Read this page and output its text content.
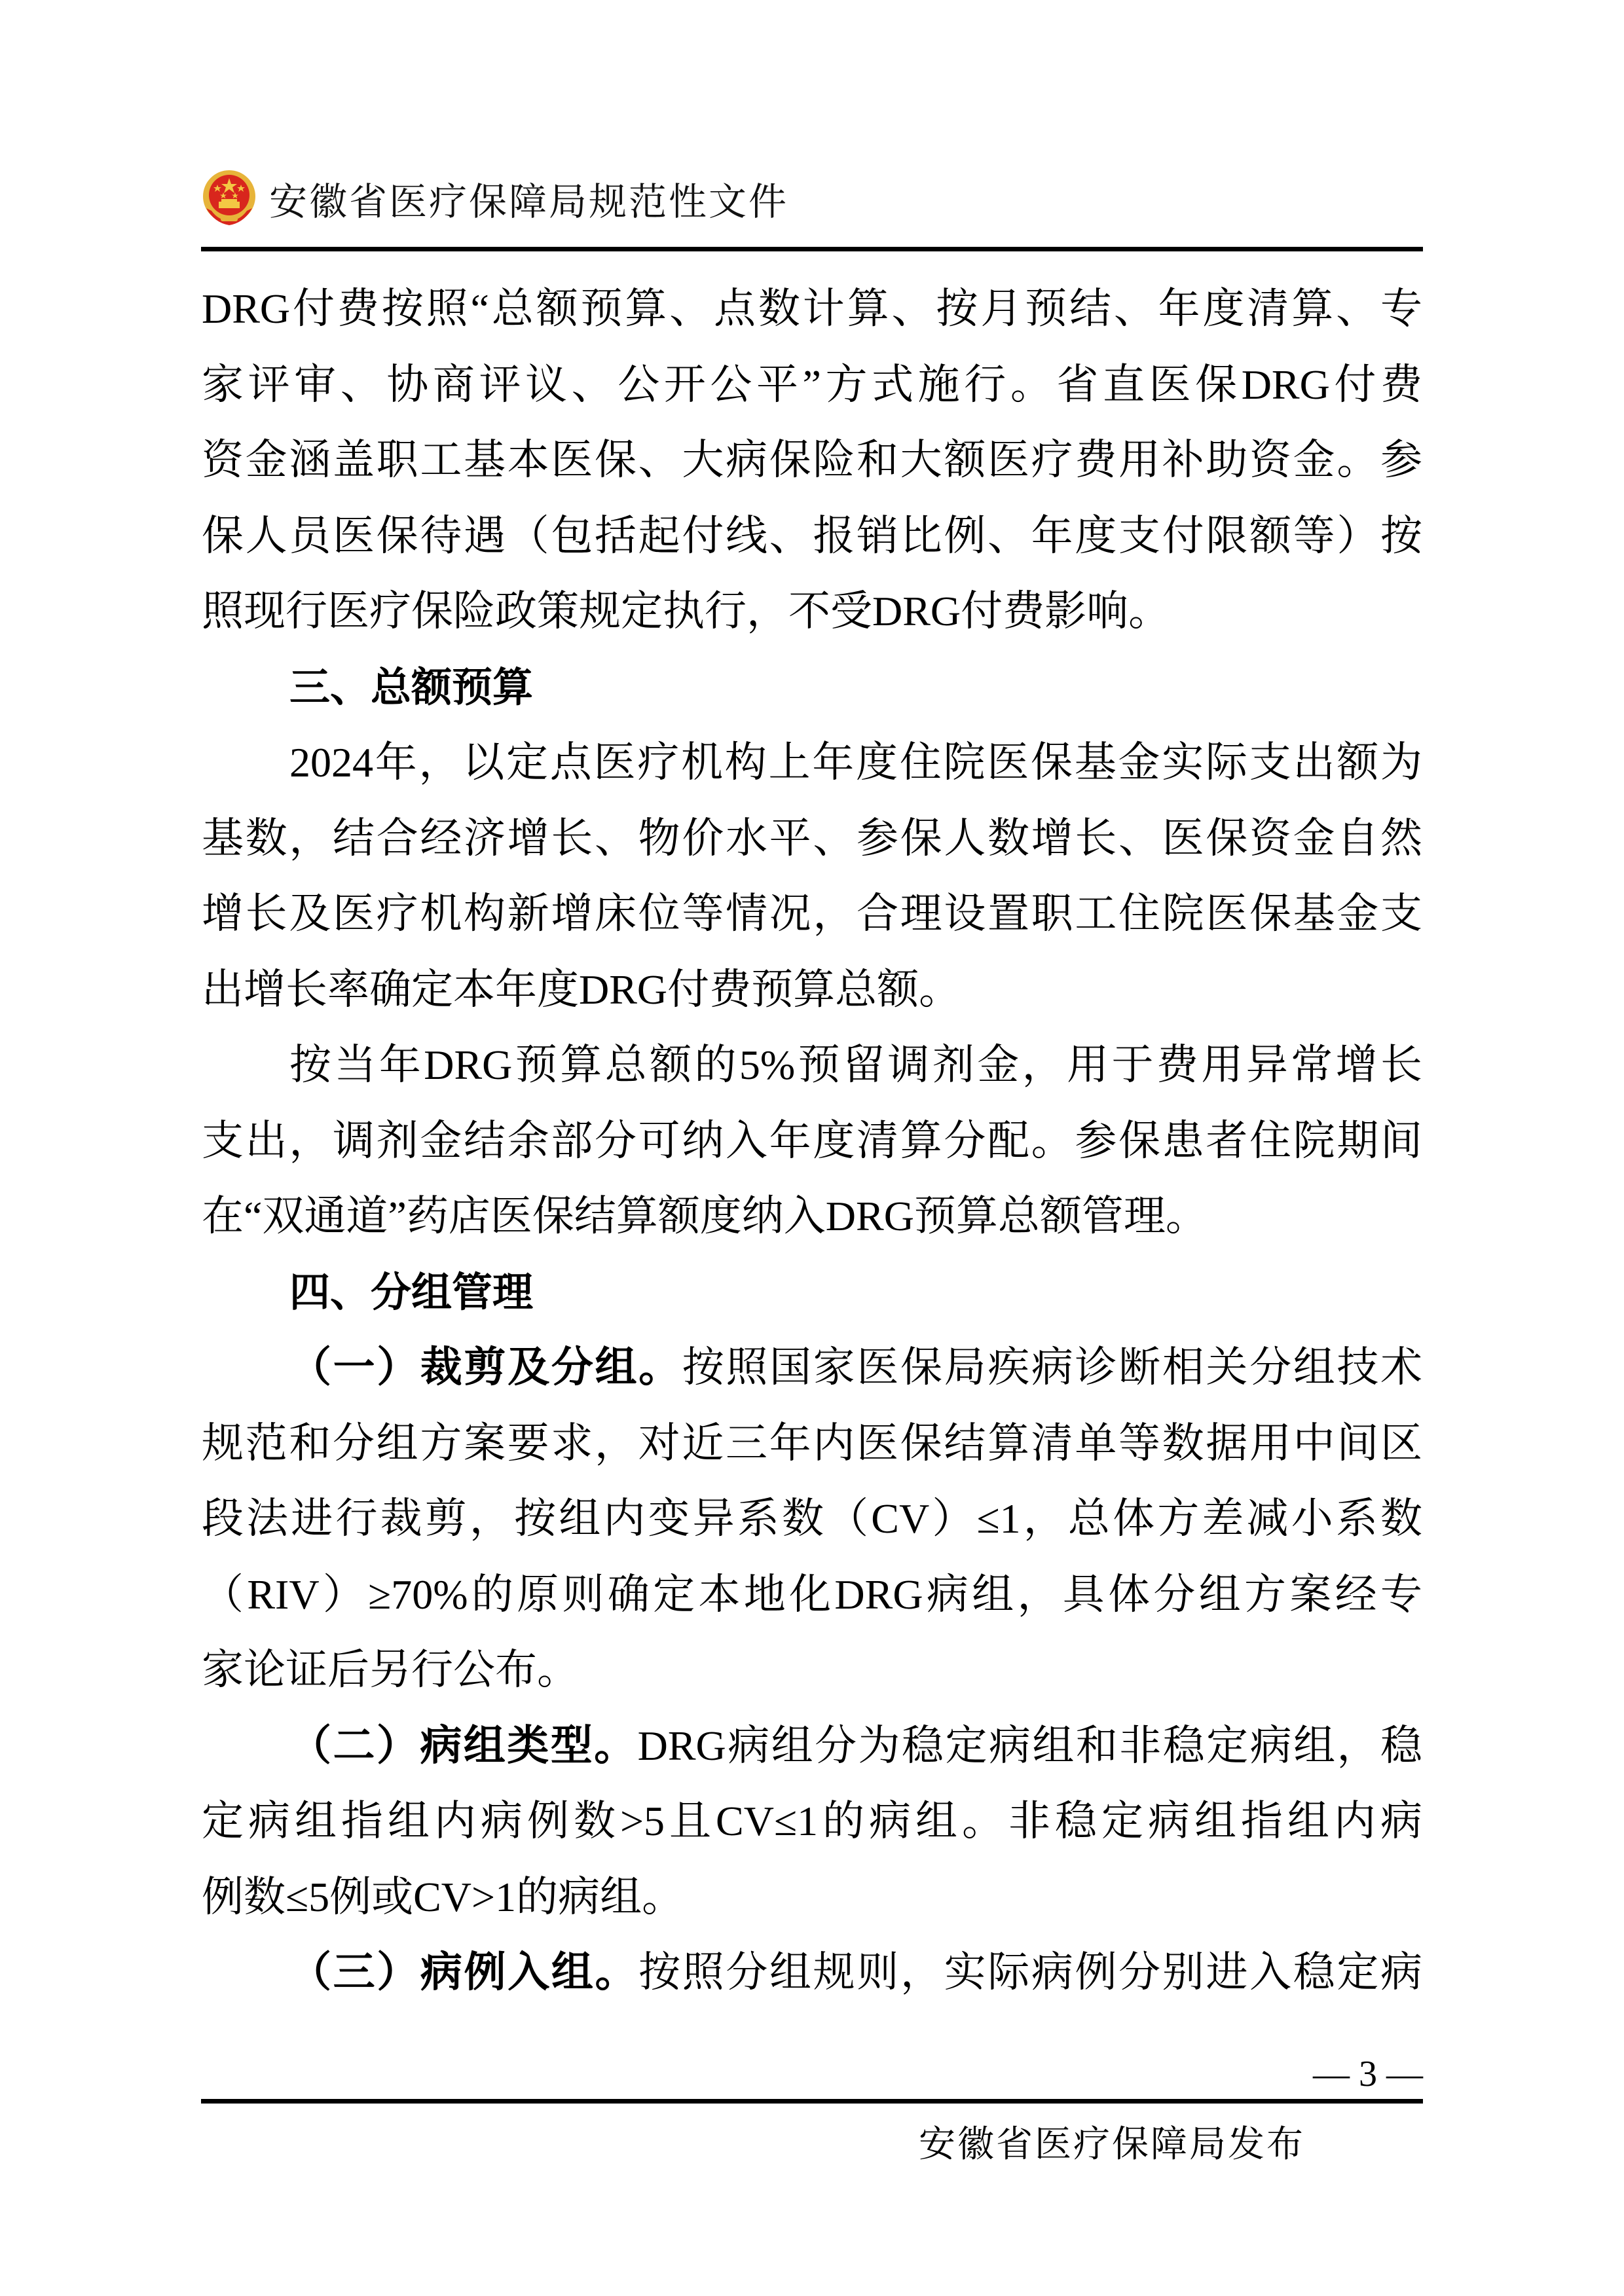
安徽省医疗保障局规范性文件
DRG付费按照“总额预算、点数计算、按月预结、年度清算、专
家评审、协商评议、公开公平”方式施行。省直医保DRG付费
资金涵盖职工基本医保、大病保险和大额医疗费用补助资金。参
保人员医保待遇（包括起付线、报销比例、年度支付限额等）按
照现行医疗保险政策规定执行，不受DRG付费影响。
三、总额预算
2024年，以定点医疗机构上年度住院医保基金实际支出额为
基数，结合经济增长、物价水平、参保人数增长、医保资金自然
增长及医疗机构新增床位等情况，合理设置职工住院医保基金支
出增长率确定本年度DRG付费预算总额。
按当年DRG预算总额的5%预留调剂金，用于费用异常增长
支出，调剂金结余部分可纳入年度清算分配。参保患者住院期间
在“双通道”药店医保结算额度纳入DRG预算总额管理。
四、分组管理
（一）裁剪及分组。按照国家医保局疾病诊断相关分组技术
规范和分组方案要求，对近三年内医保结算清单等数据用中间区
段法进行裁剪，按组内变异系数（CV）≤1，总体方差减小系数
（RIV）≥70%的原则确定本地化DRG病组，具体分组方案经专
家论证后另行公布。
（二）病组类型。DRG病组分为稳定病组和非稳定病组，稳
定病组指组内病例数>5且CV≤1的病组。非稳定病组指组内病
例数≤5例或CV>1的病组。
（三）病例入组。按照分组规则，实际病例分别进入稳定病
— 3 —
安徽省医疗保障局发布
